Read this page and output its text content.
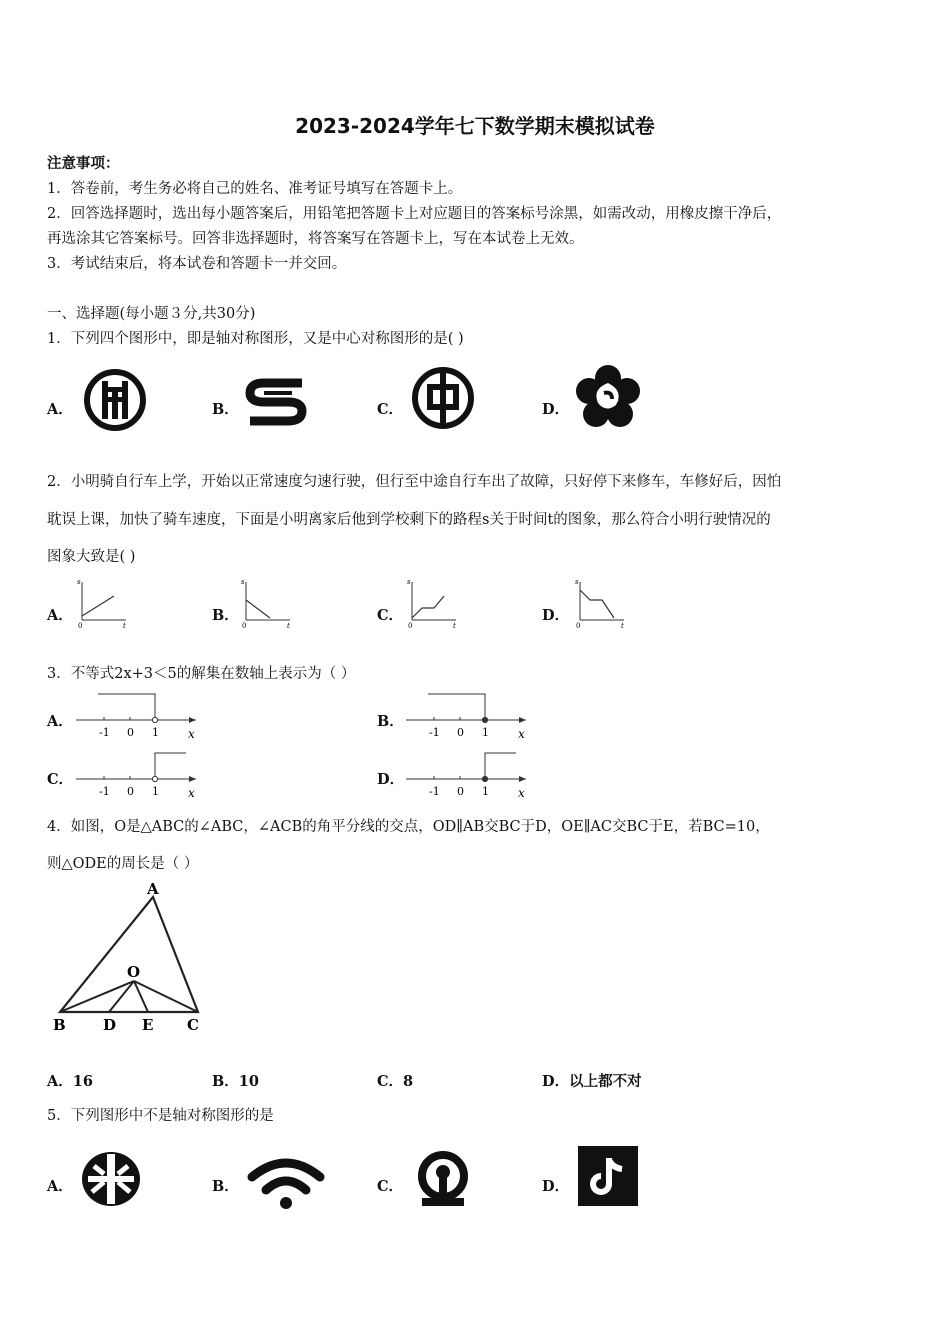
2023-2024学年七下数学期末模拟试卷
注意事项：
1．答卷前，考生务必将自己的姓名、准考证号填写在答题卡上。
2．回答选择题时，选出每小题答案后，用铅笔把答题卡上对应题目的答案标号涂黑，如需改动，用橡皮擦干净后，
再选涂其它答案标号。回答非选择题时，将答案写在答题卡上，写在本试卷上无效。
3．考试结束后，将本试卷和答题卡一并交回。
一、选择题(每小题３分,共30分)
1．下列四个图形中，即是轴对称图形，又是中心对称图形的是( )
A．	B．	C．	D．
2．小明骑自行车上学，开始以正常速度匀速行驶，但行至中途自行车出了故障，只好停下来修车，车修好后，因怕
耽误上课，加快了骑车速度，下面是小明离家后他到学校剩下的路程s关于时间t的图象，那么符合小明行驶情况的
图象大致是( )
A．	B．	C．	D．
s
t
0
s
t
0
s
t
0
s
t
0
3．不等式2x+3＜5的解集在数轴上表示为（ ）
A．	B．
C．	D．
-1 0 1 x	-1 0 1 x
-1 0 1 x	-1 0 1 x
4．如图，O是△ABC的∠ABC，∠ACB的角平分线的交点，OD∥AB交BC于D，OE∥AC交BC于E，若BC=10，
则△ODE的周长是（ ）
A
O
B D E C
A．16	B．10	C．8	D．以上都不对
5．下列图形中不是轴对称图形的是
A．	B．	C．	D．
